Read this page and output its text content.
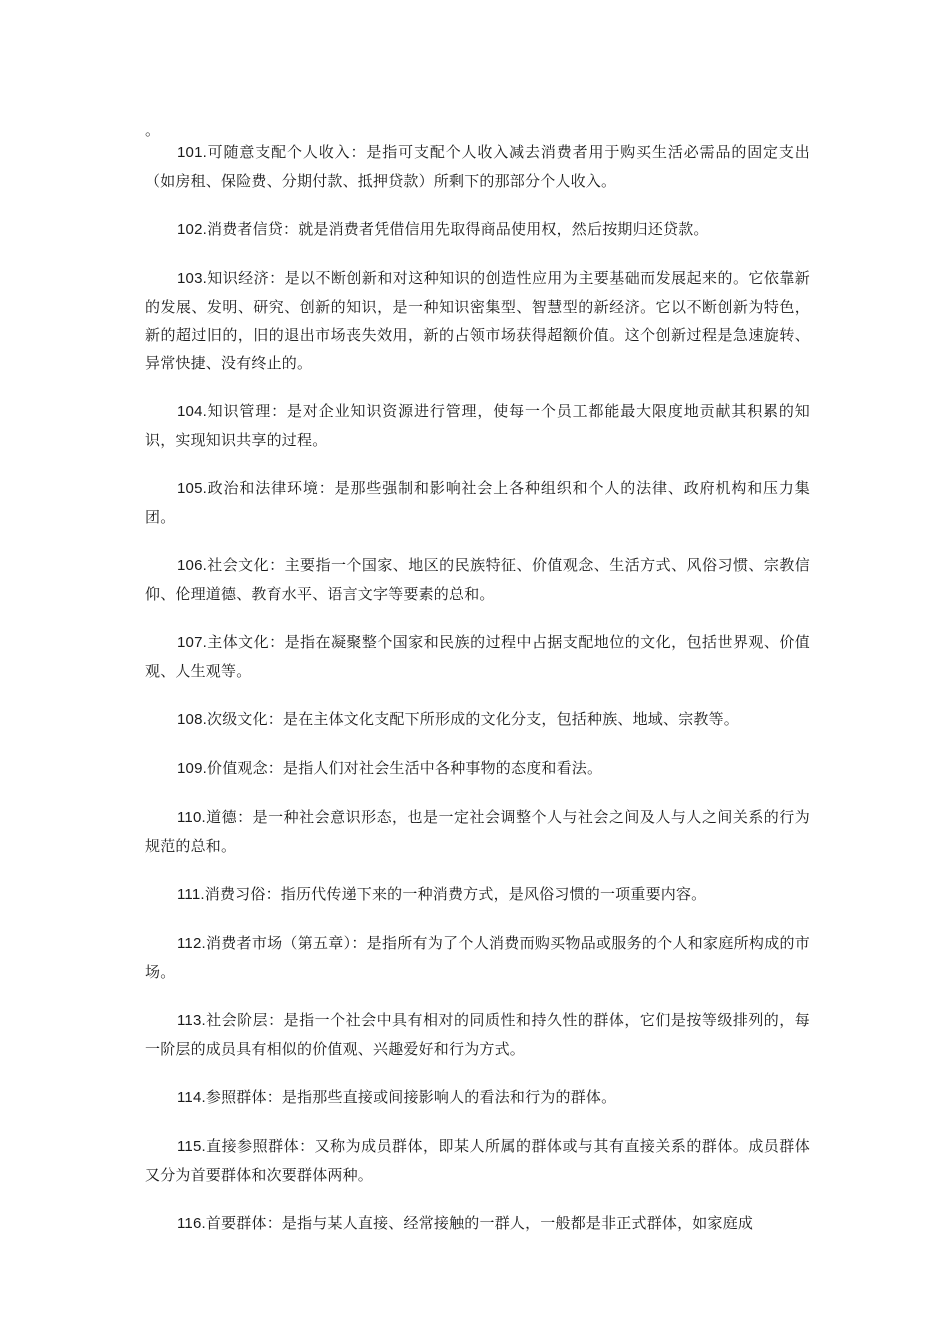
。

101.可随意支配个人收入：是指可支配个人收入减去消费者用于购买生活必需品的固定支出（如房租、保险费、分期付款、抵押贷款）所剩下的那部分个人收入。

102.消费者信贷：就是消费者凭借信用先取得商品使用权，然后按期归还贷款。

103.知识经济：是以不断创新和对这种知识的创造性应用为主要基础而发展起来的。它依靠新的发展、发明、研究、创新的知识，是一种知识密集型、智慧型的新经济。它以不断创新为特色，新的超过旧的，旧的退出市场丧失效用，新的占领市场获得超额价值。这个创新过程是急速旋转、异常快捷、没有终止的。

104.知识管理：是对企业知识资源进行管理，使每一个员工都能最大限度地贡献其积累的知识，实现知识共享的过程。

105.政治和法律环境：是那些强制和影响社会上各种组织和个人的法律、政府机构和压力集团。

106.社会文化：主要指一个国家、地区的民族特征、价值观念、生活方式、风俗习惯、宗教信仰、伦理道德、教育水平、语言文字等要素的总和。

107.主体文化：是指在凝聚整个国家和民族的过程中占据支配地位的文化，包括世界观、价值观、人生观等。

108.次级文化：是在主体文化支配下所形成的文化分支，包括种族、地域、宗教等。

109.价值观念：是指人们对社会生活中各种事物的态度和看法。

110.道德：是一种社会意识形态，也是一定社会调整个人与社会之间及人与人之间关系的行为规范的总和。

111.消费习俗：指历代传递下来的一种消费方式，是风俗习惯的一项重要内容。

112.消费者市场（第五章）：是指所有为了个人消费而购买物品或服务的个人和家庭所构成的市场。

113.社会阶层：是指一个社会中具有相对的同质性和持久性的群体，它们是按等级排列的，每一阶层的成员具有相似的价值观、兴趣爱好和行为方式。

114.参照群体：是指那些直接或间接影响人的看法和行为的群体。

115.直接参照群体：又称为成员群体，即某人所属的群体或与其有直接关系的群体。成员群体又分为首要群体和次要群体两种。

116.首要群体：是指与某人直接、经常接触的一群人，一般都是非正式群体，如家庭成
